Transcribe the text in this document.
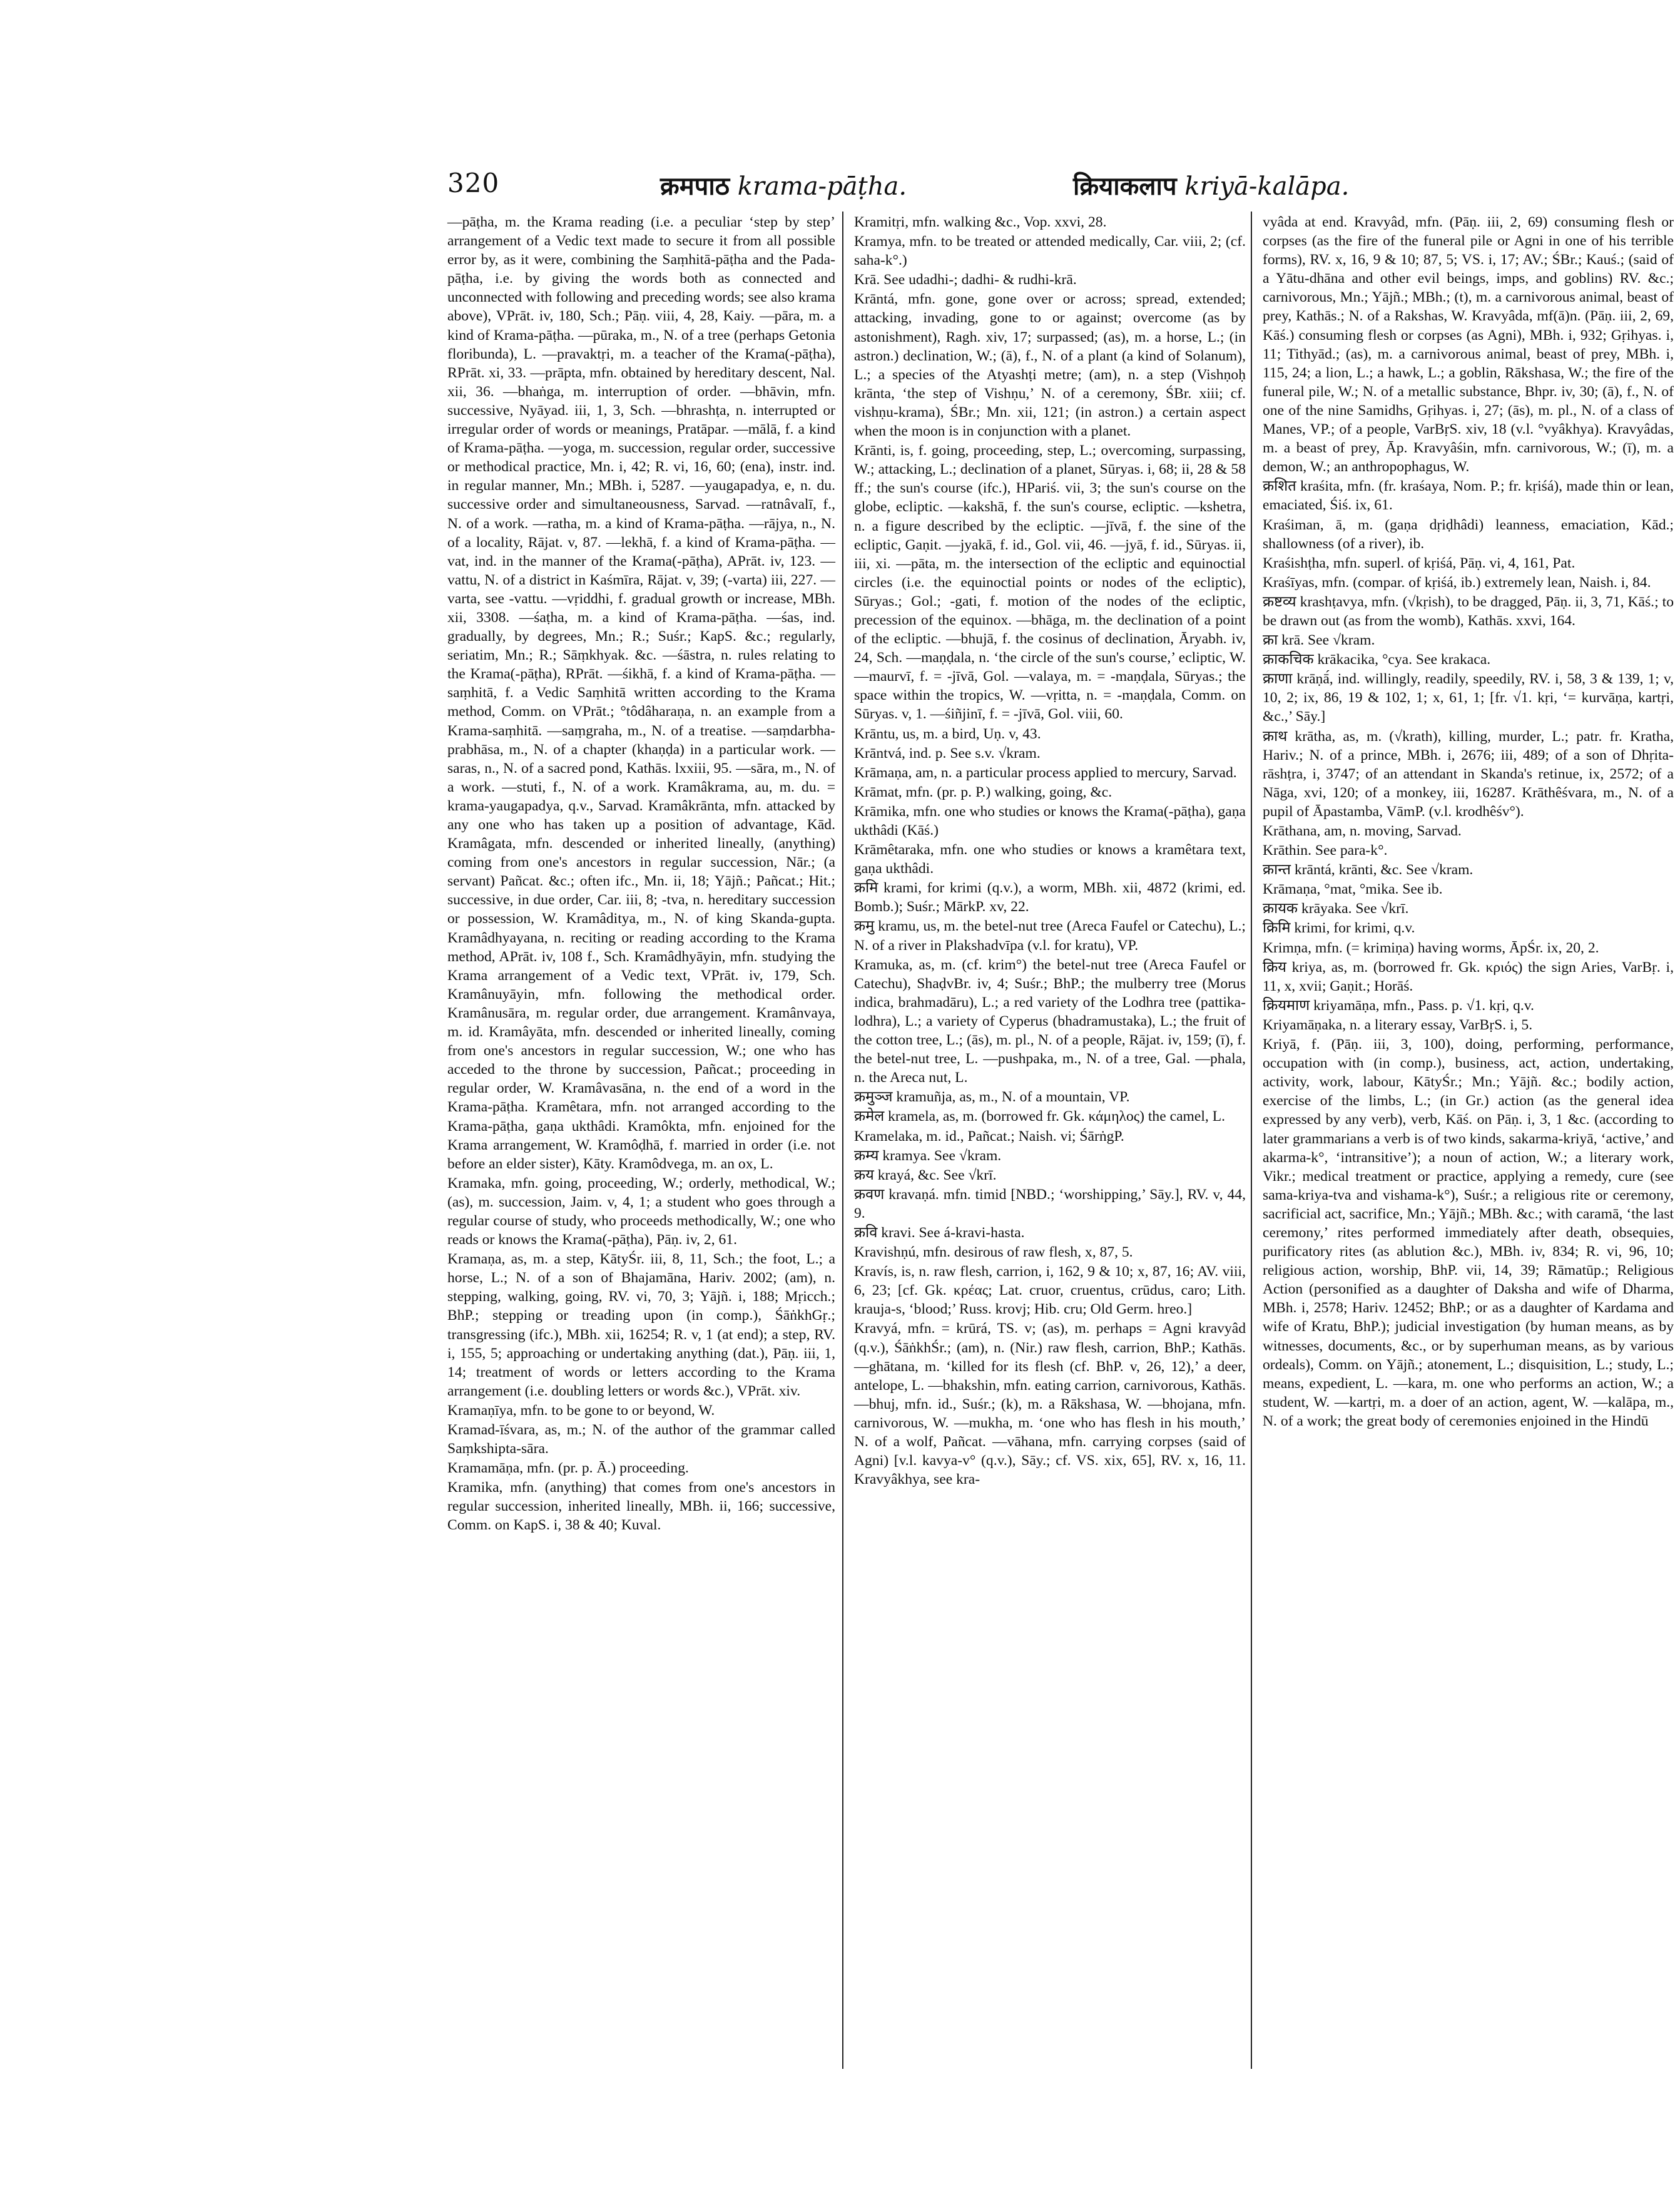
320	क्रमपाठ krama-pāṭha.	क्रियाकलाप kriyā-kalāpa.

—pāṭha, m. the Krama reading (i.e. a peculiar ‘step by step’ arrangement of a Vedic text made to secure it from all possible error by, as it were, combining the Saṃhitā-pāṭha and the Pada-pāṭha, i.e. by giving the words both as connected and unconnected with following and preceding words; see also krama above), VPrāt. iv, 180, Sch.; Pāṇ. viii, 4, 28, Kaiy. —pāra, m. a kind of Krama-pāṭha. —pūraka, m., N. of a tree (perhaps Getonia floribunda), L. —pravaktṛi, m. a teacher of the Krama(-pāṭha), RPrāt. xi, 33. —prāpta, mfn. obtained by hereditary descent, Nal. xii, 36. —bhaṅga, m. interruption of order. —bhāvin, mfn. successive, Nyāyad. iii, 1, 3, Sch. —bhrashṭa, n. interrupted or irregular order of words or meanings, Pratāpar. —mālā, f. a kind of Krama-pāṭha. —yoga, m. succession, regular order, successive or methodical practice, Mn. i, 42; R. vi, 16, 60; (ena), instr. ind. in regular manner, Mn.; MBh. i, 5287. —yaugapadya, e, n. du. successive order and simultaneousness, Sarvad. —ratnâvalī, f., N. of a work. —ratha, m. a kind of Krama-pāṭha. —rājya, n., N. of a locality, Rājat. v, 87. —lekhā, f. a kind of Krama-pāṭha. —vat, ind. in the manner of the Krama(-pāṭha), APrāt. iv, 123. —vattu, N. of a district in Kaśmīra, Rājat. v, 39; (-varta) iii, 227. —varta, see -vattu. —vṛiddhi, f. gradual growth or increase, MBh. xii, 3308. —śaṭha, m. a kind of Krama-pāṭha. —śas, ind. gradually, by degrees, Mn.; R.; Suśr.; KapS. &c.; regularly, seriatim, Mn.; R.; Sāṃkhyak. &c. —śāstra, n. rules relating to the Krama(-pāṭha), RPrāt. —śikhā, f. a kind of Krama-pāṭha. —saṃhitā, f. a Vedic Saṃhitā written according to the Krama method, Comm. on VPrāt.; °tôdâharaṇa, n. an example from a Krama-saṃhitā. —saṃgraha, m., N. of a treatise. —saṃdarbha-prabhāsa, m., N. of a chapter (khaṇḍa) in a particular work. —saras, n., N. of a sacred pond, Kathās. lxxiii, 95. —sāra, m., N. of a work. —stuti, f., N. of a work. Kramâkrama, au, m. du. = krama-yaugapadya, q.v., Sarvad. Kramâkrānta, mfn. attacked by any one who has taken up a position of advantage, Kād. Kramâgata, mfn. descended or inherited lineally, (anything) coming from one's ancestors in regular succession, Nār.; (a servant) Pañcat. &c.; often ifc., Mn. ii, 18; Yājñ.; Pañcat.; Hit.; successive, in due order, Car. iii, 8; -tva, n. hereditary succession or possession, W. Kramâditya, m., N. of king Skanda-gupta. Kramâdhyayana, n. reciting or reading according to the Krama method, APrāt. iv, 108 f., Sch. Kramâdhyāyin, mfn. studying the Krama arrangement of a Vedic text, VPrāt. iv, 179, Sch. Kramânuyāyin, mfn. following the methodical order. Kramânusāra, m. regular order, due arrangement. Kramânvaya, m. id. Kramâyāta, mfn. descended or inherited lineally, coming from one's ancestors in regular succession, W.; one who has acceded to the throne by succession, Pañcat.; proceeding in regular order, W. Kramâvasāna, n. the end of a word in the Krama-pāṭha. Kramêtara, mfn. not arranged according to the Krama-pāṭha, gaṇa ukthâdi. Kramôkta, mfn. enjoined for the Krama arrangement, W. Kramôḍhā, f. married in order (i.e. not before an elder sister), Kāty. Kramôdvega, m. an ox, L.

Kramaka, mfn. going, proceeding, W.; orderly, methodical, W.; (as), m. succession, Jaim. v, 4, 1; a student who goes through a regular course of study, who proceeds methodically, W.; one who reads or knows the Krama(-pāṭha), Pāṇ. iv, 2, 61.

Kramaṇa, as, m. a step, KātyŚr. iii, 8, 11, Sch.; the foot, L.; a horse, L.; N. of a son of Bhajamāna, Hariv. 2002; (am), n. stepping, walking, going, RV. vi, 70, 3; Yājñ. i, 188; Mṛicch.; BhP.; stepping or treading upon (in comp.), ŚāṅkhGṛ.; transgressing (ifc.), MBh. xii, 16254; R. v, 1 (at end); a step, RV. i, 155, 5; approaching or undertaking anything (dat.), Pāṇ. iii, 1, 14; treatment of words or letters according to the Krama arrangement (i.e. doubling letters or words &c.), VPrāt. xiv.

Kramaṇīya, mfn. to be gone to or beyond, W.

Kramad-īśvara, as, m.; N. of the author of the grammar called Saṃkshipta-sāra.

Kramamāṇa, mfn. (pr. p. Ā.) proceeding.

Kramika, mfn. (anything) that comes from one's ancestors in regular succession, inherited lineally, MBh. ii, 166; successive, Comm. on KapS. i, 38 & 40; Kuval.

Kramitṛi, mfn. walking &c., Vop. xxvi, 28.

Kramya, mfn. to be treated or attended medically, Car. viii, 2; (cf. saha-k°.)

Krā. See udadhi-; dadhi- & rudhi-krā.

Krāntá, mfn. gone, gone over or across; spread, extended; attacking, invading, gone to or against; overcome (as by astonishment), Ragh. xiv, 17; surpassed; (as), m. a horse, L.; (in astron.) declination, W.; (ā), f., N. of a plant (a kind of Solanum), L.; a species of the Atyashṭi metre; (am), n. a step (Vishṇoḥ krānta, ‘the step of Vishṇu,’ N. of a ceremony, ŚBr. xiii; cf. vishṇu-krama), ŚBr.; Mn. xii, 121; (in astron.) a certain aspect when the moon is in conjunction with a planet.

Krānti, is, f. going, proceeding, step, L.; overcoming, surpassing, W.; attacking, L.; declination of a planet, Sūryas. i, 68; ii, 28 & 58 ff.; the sun's course (ifc.), HPariś. vii, 3; the sun's course on the globe, ecliptic. —kakshā, f. the sun's course, ecliptic. —kshetra, n. a figure described by the ecliptic. —jīvā, f. the sine of the ecliptic, Gaṇit. —jyakā, f. id., Gol. vii, 46. —jyā, f. id., Sūryas. ii, iii, xi. —pāta, m. the intersection of the ecliptic and equinoctial circles (i.e. the equinoctial points or nodes of the ecliptic), Sūryas.; Gol.; -gati, f. motion of the nodes of the ecliptic, precession of the equinox. —bhāga, m. the declination of a point of the ecliptic. —bhujā, f. the cosinus of declination, Āryabh. iv, 24, Sch. —maṇḍala, n. ‘the circle of the sun's course,’ ecliptic, W. —maurvī, f. = -jīvā, Gol. —valaya, m. = -maṇḍala, Sūryas.; the space within the tropics, W. —vṛitta, n. = -maṇḍala, Comm. on Sūryas. v, 1. —śiñjinī, f. = -jīvā, Gol. viii, 60.

Krāntu, us, m. a bird, Uṇ. v, 43.

Krāntvá, ind. p. See s.v. √kram.

Krāmaṇa, am, n. a particular process applied to mercury, Sarvad.

Krāmat, mfn. (pr. p. P.) walking, going, &c.

Krāmika, mfn. one who studies or knows the Krama(-pāṭha), gaṇa ukthâdi (Kāś.)

Krāmêtaraka, mfn. one who studies or knows a kramêtara text, gaṇa ukthâdi.

क्रमि krami, for krimi (q.v.), a worm, MBh. xii, 4872 (krimi, ed. Bomb.); Suśr.; MārkP. xv, 22.

क्रमु kramu, us, m. the betel-nut tree (Areca Faufel or Catechu), L.; N. of a river in Plakshadvīpa (v.l. for kratu), VP.

Kramuka, as, m. (cf. krim°) the betel-nut tree (Areca Faufel or Catechu), ShaḍvBr. iv, 4; Suśr.; BhP.; the mulberry tree (Morus indica, brahmadāru), L.; a red variety of the Lodhra tree (pattika-lodhra), L.; a variety of Cyperus (bhadramustaka), L.; the fruit of the cotton tree, L.; (ās), m. pl., N. of a people, Rājat. iv, 159; (ī), f. the betel-nut tree, L. —pushpaka, m., N. of a tree, Gal. —phala, n. the Areca nut, L.

क्रमुञ्ज kramuñja, as, m., N. of a mountain, VP.

क्रमेल kramela, as, m. (borrowed fr. Gk. κάμηλος) the camel, L.

Kramelaka, m. id., Pañcat.; Naish. vi; ŚārṅgP.

क्रम्य kramya. See √kram.

क्रय krayá, &c. See √krī.

क्रवण kravaṇá. mfn. timid [NBD.; ‘worshipping,’ Sāy.], RV. v, 44, 9.

क्रवि kravi. See á-kravi-hasta.

Kravishṇú, mfn. desirous of raw flesh, x, 87, 5.

Kravís, is, n. raw flesh, carrion, i, 162, 9 & 10; x, 87, 16; AV. viii, 6, 23; [cf. Gk. κρέας; Lat. cruor, cruentus, crūdus, caro; Lith. krauja-s, ‘blood;’ Russ. krovj; Hib. cru; Old Germ. hreo.]

Kravyá, mfn. = krūrá, TS. v; (as), m. perhaps = Agni kravyâd (q.v.), ŚāṅkhŚr.; (am), n. (Nir.) raw flesh, carrion, BhP.; Kathās. —ghātana, m. ‘killed for its flesh (cf. BhP. v, 26, 12),’ a deer, antelope, L. —bhakshin, mfn. eating carrion, carnivorous, Kathās. —bhuj, mfn. id., Suśr.; (k), m. a Rākshasa, W. —bhojana, mfn. carnivorous, W. —mukha, m. ‘one who has flesh in his mouth,’ N. of a wolf, Pañcat. —vāhana, mfn. carrying corpses (said of Agni) [v.l. kavya-v° (q.v.), Sāy.; cf. VS. xix, 65], RV. x, 16, 11. Kravyâkhya, see kra-

vyâda at end. Kravyâd, mfn. (Pāṇ. iii, 2, 69) consuming flesh or corpses (as the fire of the funeral pile or Agni in one of his terrible forms), RV. x, 16, 9 & 10; 87, 5; VS. i, 17; AV.; ŚBr.; Kauś.; (said of a Yātu-dhāna and other evil beings, imps, and goblins) RV. &c.; carnivorous, Mn.; Yājñ.; MBh.; (t), m. a carnivorous animal, beast of prey, Kathās.; N. of a Rakshas, W. Kravyâda, mf(ā)n. (Pāṇ. iii, 2, 69, Kāś.) consuming flesh or corpses (as Agni), MBh. i, 932; Gṛihyas. i, 11; Tithyād.; (as), m. a carnivorous animal, beast of prey, MBh. i, 115, 24; a lion, L.; a hawk, L.; a goblin, Rākshasa, W.; the fire of the funeral pile, W.; N. of a metallic substance, Bhpr. iv, 30; (ā), f., N. of one of the nine Samidhs, Gṛihyas. i, 27; (ās), m. pl., N. of a class of Manes, VP.; of a people, VarBṛS. xiv, 18 (v.l. °vyâkhya). Kravyâdas, m. a beast of prey, Āp. Kravyâśin, mfn. carnivorous, W.; (ī), m. a demon, W.; an anthropophagus, W.

क्रशित kraśita, mfn. (fr. kraśaya, Nom. P.; fr. kṛiśá), made thin or lean, emaciated, Śiś. ix, 61.

Kraśiman, ā, m. (gaṇa dṛiḍhâdi) leanness, emaciation, Kād.; shallowness (of a river), ib.

Kraśishṭha, mfn. superl. of kṛiśá, Pāṇ. vi, 4, 161, Pat.

Kraśīyas, mfn. (compar. of kṛiśá, ib.) extremely lean, Naish. i, 84.

क्रष्टव्य krashṭavya, mfn. (√kṛish), to be dragged, Pāṇ. ii, 3, 71, Kāś.; to be drawn out (as from the womb), Kathās. xxvi, 164.

क्रा krā. See √kram.

क्राकचिक krākacika, °cya. See krakaca.

क्राणा krāṇā́, ind. willingly, readily, speedily, RV. i, 58, 3 & 139, 1; v, 10, 2; ix, 86, 19 & 102, 1; x, 61, 1; [fr. √1. kṛi, ‘= kurvāṇa, kartṛi, &c.,’ Sāy.]

क्राथ krātha, as, m. (√krath), killing, murder, L.; patr. fr. Kratha, Hariv.; N. of a prince, MBh. i, 2676; iii, 489; of a son of Dhṛita-rāshṭra, i, 3747; of an attendant in Skanda's retinue, ix, 2572; of a Nāga, xvi, 120; of a monkey, iii, 16287. Krāthêśvara, m., N. of a pupil of Āpastamba, VāmP. (v.l. krodhêśv°).

Krāthana, am, n. moving, Sarvad.

Krāthin. See para-k°.

क्रान्त krāntá, krānti, &c. See √kram.

Krāmaṇa, °mat, °mika. See ib.

क्रायक krāyaka. See √krī.

क्रिमि krimi, for krimi, q.v.

Krimṇa, mfn. (= krimiṇa) having worms, ĀpŚr. ix, 20, 2.

क्रिय kriya, as, m. (borrowed fr. Gk. κριός) the sign Aries, VarBṛ. i, 11, x, xvii; Gaṇit.; Horāś.

क्रियमाण kriyamāṇa, mfn., Pass. p. √1. kṛi, q.v.

Kriyamāṇaka, n. a literary essay, VarBṛS. i, 5.

Kriyā, f. (Pāṇ. iii, 3, 100), doing, performing, performance, occupation with (in comp.), business, act, action, undertaking, activity, work, labour, KātyŚr.; Mn.; Yājñ. &c.; bodily action, exercise of the limbs, L.; (in Gr.) action (as the general idea expressed by any verb), verb, Kāś. on Pāṇ. i, 3, 1 &c. (according to later grammarians a verb is of two kinds, sakarma-kriyā, ‘active,’ and akarma-k°, ‘intransitive’); a noun of action, W.; a literary work, Vikr.; medical treatment or practice, applying a remedy, cure (see sama-kriya-tva and vishama-k°), Suśr.; a religious rite or ceremony, sacrificial act, sacrifice, Mn.; Yājñ.; MBh. &c.; with caramā, ‘the last ceremony,’ rites performed immediately after death, obsequies, purificatory rites (as ablution &c.), MBh. iv, 834; R. vi, 96, 10; religious action, worship, BhP. vii, 14, 39; Rāmatūp.; Religious Action (personified as a daughter of Daksha and wife of Dharma, MBh. i, 2578; Hariv. 12452; BhP.; or as a daughter of Kardama and wife of Kratu, BhP.); judicial investigation (by human means, as by witnesses, documents, &c., or by superhuman means, as by various ordeals), Comm. on Yājñ.; atonement, L.; disquisition, L.; study, L.; means, expedient, L. —kara, m. one who performs an action, W.; a student, W. —kartṛi, m. a doer of an action, agent, W. —kalāpa, m., N. of a work; the great body of ceremonies enjoined in the Hindū
